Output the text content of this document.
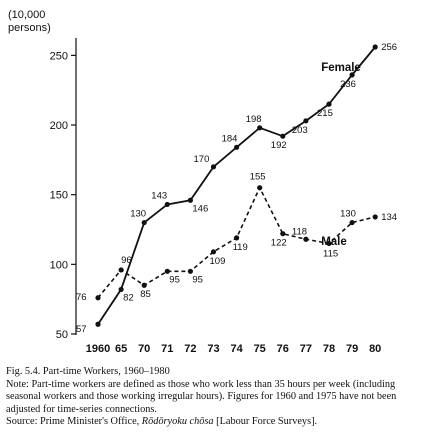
(10,000
persons)
50
100
150
200
250
1960 65 70 71 72 73 74 75 76 77 78 79 80
57
82
130
143
146
170
184
198
192
203
215
236
256
Female
76
96
85
95 95
109
119
155
122
118
115
130	134
Male
Fig. 5.4. Part-time Workers, 1960–1980
Note: Part-time workers are defined as those who work less than 35 hours per week (including seasonal workers and those working irregular hours). Figures for 1960 and 1975 have not been adjusted for time-series connections.
Source: Prime Minister's Office, Rōdōryoku chōsa [Labour Force Surveys].
